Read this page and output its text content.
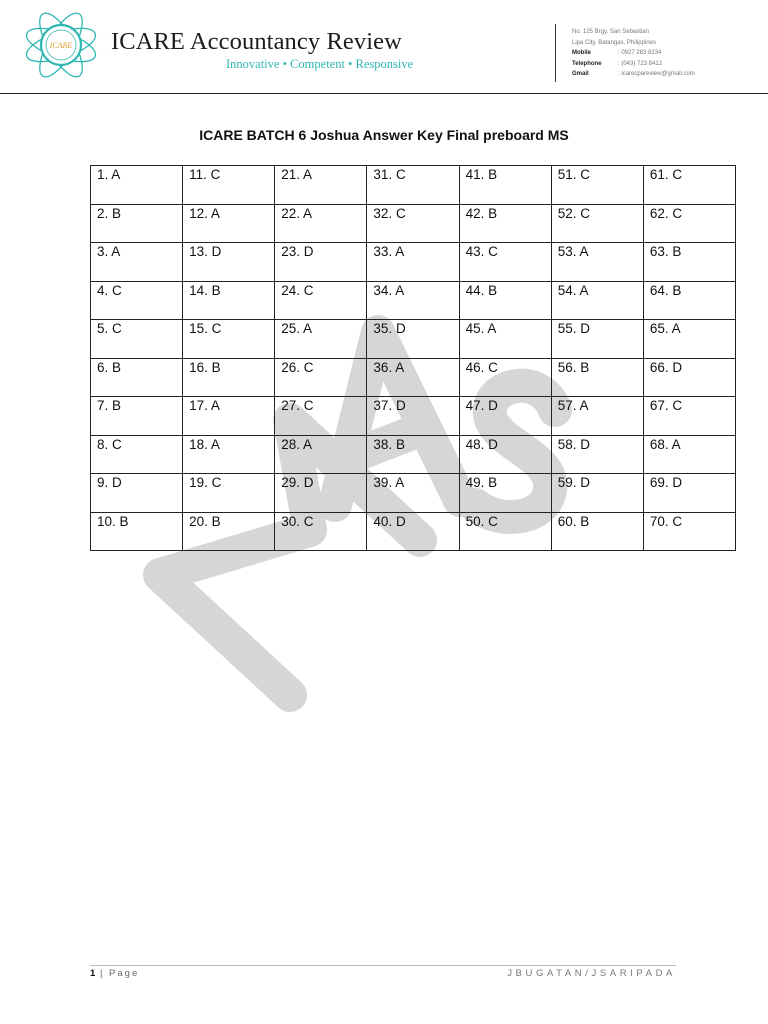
ICARE ICARE Accountancy Review
Innovative • Competent • Responsive
No. 125 Brgy. San Sebastian
Lipa City, Batangas, Philippines
Mobile	: 0927 283 8234
Telephone	: (043) 723 8412
Gmail	: icarecpareview@gmail.com
ICARE BATCH 6 Joshua Answer Key Final preboard MS
1. A	11. C	21. A	31. C	41. B	51. C	61. C
2. B	12. A	22. A	32. C	42. B	52. C	62. C
3. A	13. D	23. D	33. A	43. C	53. A	63. B
4. C	14. B	24. C	34. A	44. B	54. A	64. B
5. C	15. C	25. A	35. D	45. A	55. D	65. A
6. B	16. B	26. C	36. A	46. C	56. B	66. D
7. B	17. A	27. C	37. D	47. D	57. A	67. C
8. C	18. A	28. A	38. B	48. D	58. D	68. A
9. D	19. C	29. D	39. A	49. B	59. D	69. D
10. B	20. B	30. C	40. D	50. C	60. B	70. C
1 | Page	JBUGATAN/JSARIPADA
